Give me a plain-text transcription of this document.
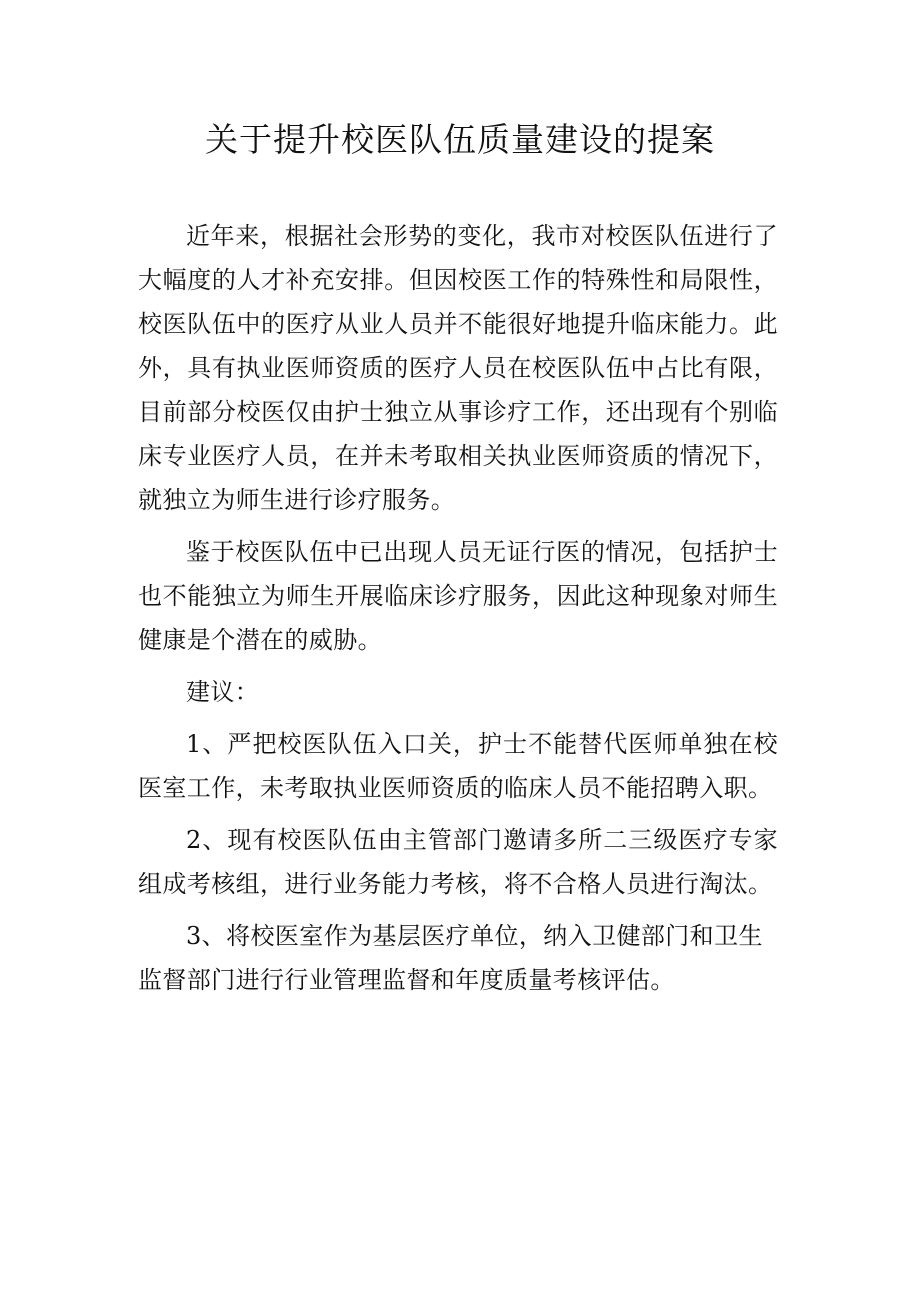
关于提升校医队伍质量建设的提案

近年来，根据社会形势的变化，我市对校医队伍进行了大幅度的人才补充安排。但因校医工作的特殊性和局限性，校医队伍中的医疗从业人员并不能很好地提升临床能力。此外，具有执业医师资质的医疗人员在校医队伍中占比有限，目前部分校医仅由护士独立从事诊疗工作，还出现有个别临床专业医疗人员，在并未考取相关执业医师资质的情况下，就独立为师生进行诊疗服务。

鉴于校医队伍中已出现人员无证行医的情况，包括护士也不能独立为师生开展临床诊疗服务，因此这种现象对师生健康是个潜在的威胁。

建议：

1、严把校医队伍入口关，护士不能替代医师单独在校医室工作，未考取执业医师资质的临床人员不能招聘入职。

2、现有校医队伍由主管部门邀请多所二三级医疗专家组成考核组，进行业务能力考核，将不合格人员进行淘汰。

3、将校医室作为基层医疗单位，纳入卫健部门和卫生
监督部门进行行业管理监督和年度质量考核评估。
